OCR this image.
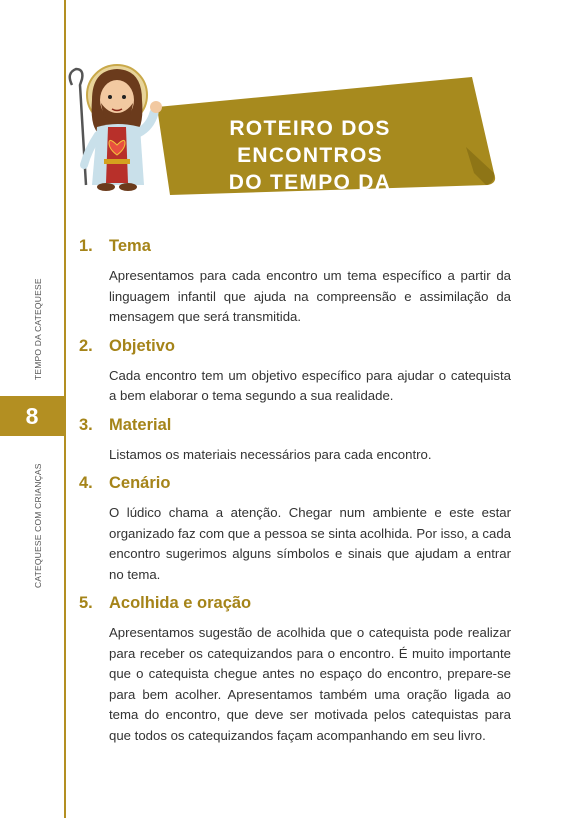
TEMPO DA CATEQUESE
8
CATEQUESE COM CRIANÇAS
ROTEIRO DOS ENCONTROS
DO TEMPO DA CATEQUESE
1. Tema
Apresentamos para cada encontro um tema específico a partir da linguagem infantil que ajuda na compreensão e assimilação da mensagem que será transmitida.
2. Objetivo
Cada encontro tem um objetivo específico para ajudar o catequista a bem elaborar o tema segundo a sua realidade.
3. Material
Listamos os materiais necessários para cada encontro.
4. Cenário
O lúdico chama a atenção. Chegar num ambiente e este estar organizado faz com que a pessoa se sinta acolhida. Por isso, a cada encontro sugerimos alguns símbolos e sinais que ajudam a entrar no tema.
5. Acolhida e oração
Apresentamos sugestão de acolhida que o catequista pode realizar para receber os catequizandos para o encontro. É muito importante que o catequista chegue antes no espaço do encontro, prepare-se para bem acolher. Apresentamos também uma oração ligada ao tema do encontro, que deve ser motivada pelos catequistas para que todos os catequizandos façam acompanhando em seu livro.
